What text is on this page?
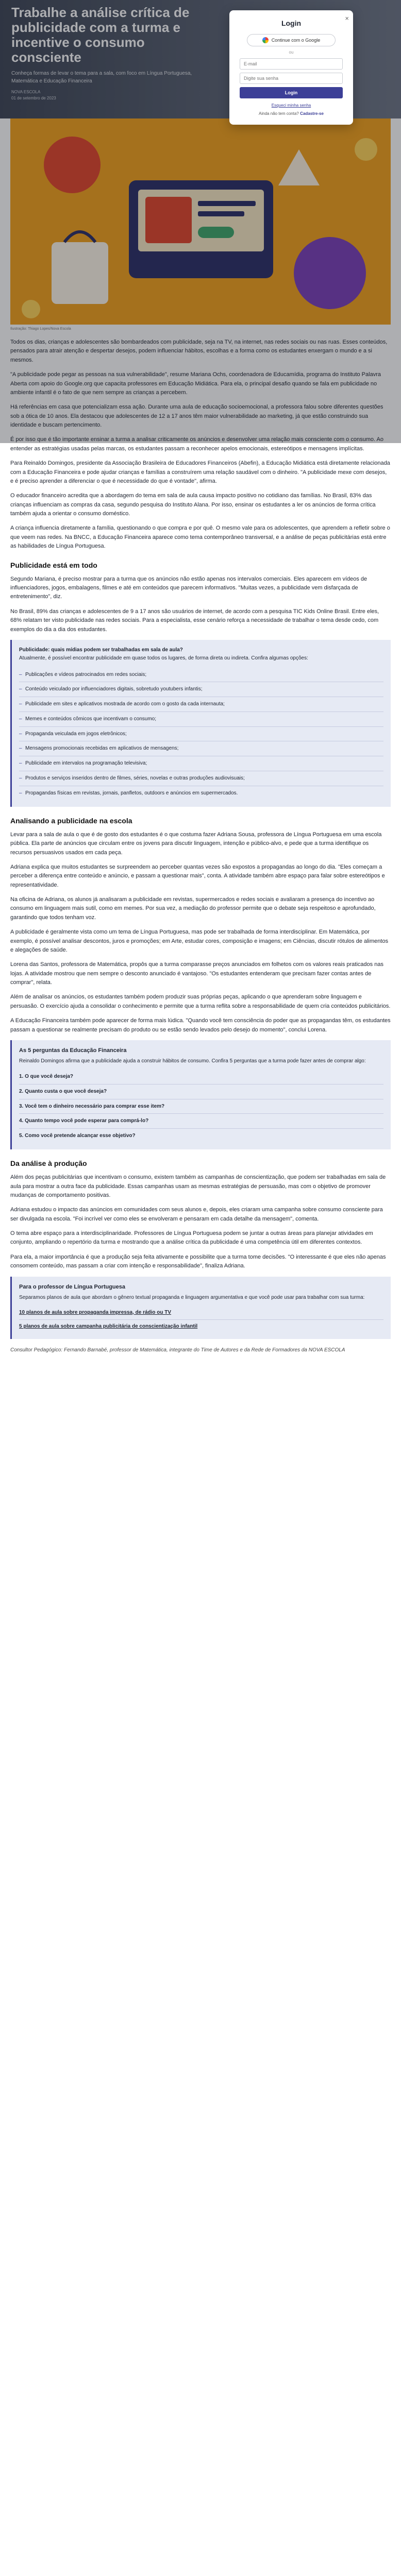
Trabalhe a análise crítica de publicidade com a turma e incentive o consumo consciente

Conheça formas de levar o tema para a sala, com foco em Língua Portuguesa, Matemática e Educação Financeira

NOVA ESCOLA
01 de setembro de 2023
Ilustração: Thiago Lopes/Nova Escola

Todos os dias, crianças e adolescentes são bombardeados com publicidade, seja na TV, na internet, nas redes sociais ou nas ruas. Esses conteúdos, pensados para atrair atenção e despertar desejos, podem influenciar hábitos, escolhas e a forma como os estudantes enxergam o mundo e a si mesmos.

"A publicidade pode pegar as pessoas na sua vulnerabilidade", resume Mariana Ochs, coordenadora de Educamídia, programa do Instituto Palavra Aberta com apoio do Google.org que capacita professores em Educação Midiática. Para ela, o principal desafio quando se fala em publicidade no ambiente infantil é o fato de que nem sempre as crianças a percebem.

Há referências em casa que potencializam essa ação. Durante uma aula de educação socioemocional, a professora falou sobre diferentes questões sob a ótica de 10 anos. Ela destacou que adolescentes de 12 a 17 anos têm maior vulnerabilidade ao marketing, já que estão construindo sua identidade e buscam pertencimento.

É por isso que é tão importante ensinar a turma a analisar criticamente os anúncios e desenvolver uma relação mais consciente com o consumo. Ao entender as estratégias usadas pelas marcas, os estudantes passam a reconhecer apelos emocionais, estereótipos e mensagens implícitas.

Para Reinaldo Domingos, presidente da Associação Brasileira de Educadores Financeiros (Abefin), a Educação Midiática está diretamente relacionada com a Educação Financeira e pode ajudar crianças e famílias a construírem uma relação saudável com o dinheiro. "A publicidade mexe com desejos, e é preciso aprender a diferenciar o que é necessidade do que é vontade", afirma.

O educador financeiro acredita que a abordagem do tema em sala de aula causa impacto positivo no cotidiano das famílias. No Brasil, 83% das crianças influenciam as compras da casa, segundo pesquisa do Instituto Alana. Por isso, ensinar os estudantes a ler os anúncios de forma crítica também ajuda a orientar o consumo doméstico.

A criança influencia diretamente a família, questionando o que compra e por quê. O mesmo vale para os adolescentes, que aprendem a refletir sobre o que veem nas redes. Na BNCC, a Educação Financeira aparece como tema contemporâneo transversal, e a análise de peças publicitárias está entre as habilidades de Língua Portuguesa.

Publicidade está em todo

Segundo Mariana, é preciso mostrar para a turma que os anúncios não estão apenas nos intervalos comerciais. Eles aparecem em vídeos de influenciadores, jogos, embalagens, filmes e até em conteúdos que parecem informativos. "Muitas vezes, a publicidade vem disfarçada de entretenimento", diz.

No Brasil, 89% das crianças e adolescentes de 9 a 17 anos são usuários de internet, de acordo com a pesquisa TIC Kids Online Brasil. Entre eles, 68% relatam ter visto publicidade nas redes sociais. Para a especialista, esse cenário reforça a necessidade de trabalhar o tema desde cedo, com exemplos do dia a dia dos estudantes.

Publicidade: quais mídias podem ser trabalhadas em sala de aula?
Atualmente, é possível encontrar publicidade em quase todos os lugares, de forma direta ou indireta. Confira algumas opções:
– Publicações e vídeos patrocinados em redes sociais;
– Conteúdo veiculado por influenciadores digitais, sobretudo youtubers infantis;
– Publicidade em sites e aplicativos mostrada de acordo com o gosto da cada internauta;
– Memes e conteúdos cômicos que incentivam o consumo;
– Propaganda veiculada em jogos eletrônicos;
– Mensagens promocionais recebidas em aplicativos de mensagens;
– Publicidade em intervalos na programação televisiva;
– Produtos e serviços inseridos dentro de filmes, séries, novelas e outras produções audiovisuais;
– Propagandas físicas em revistas, jornais, panfletos, outdoors e anúncios em supermercados.
Analisando a publicidade na escola

Levar para a sala de aula o que é de gosto dos estudantes é o que costuma fazer Adriana Sousa, professora de Língua Portuguesa em uma escola pública. Ela parte de anúncios que circulam entre os jovens para discutir linguagem, intenção e público-alvo, e pede que a turma identifique os recursos persuasivos usados em cada peça.

Adriana explica que muitos estudantes se surpreendem ao perceber quantas vezes são expostos a propagandas ao longo do dia. "Eles começam a perceber a diferença entre conteúdo e anúncio, e passam a questionar mais", conta. A atividade também abre espaço para falar sobre estereótipos e representatividade.

Na oficina de Adriana, os alunos já analisaram a publicidade em revistas, supermercados e redes sociais e avaliaram a presença do incentivo ao consumo em linguagem mais sutil, como em memes. Por sua vez, a mediação do professor permite que o debate seja respeitoso e aprofundado, garantindo que todos tenham voz.

A publicidade é geralmente vista como um tema de Língua Portuguesa, mas pode ser trabalhada de forma interdisciplinar. Em Matemática, por exemplo, é possível analisar descontos, juros e promoções; em Arte, estudar cores, composição e imagens; em Ciências, discutir rótulos de alimentos e alegações de saúde.

Lorena das Santos, professora de Matemática, propôs que a turma comparasse preços anunciados em folhetos com os valores reais praticados nas lojas. A atividade mostrou que nem sempre o desconto anunciado é vantajoso. "Os estudantes entenderam que precisam fazer contas antes de comprar", relata.

Além de analisar os anúncios, os estudantes também podem produzir suas próprias peças, aplicando o que aprenderam sobre linguagem e persuasão. O exercício ajuda a consolidar o conhecimento e permite que a turma reflita sobre a responsabilidade de quem cria conteúdos publicitários.

A Educação Financeira também pode aparecer de forma mais lúdica. "Quando você tem consciência do poder que as propagandas têm, os estudantes passam a questionar se realmente precisam do produto ou se estão sendo levados pelo desejo do momento", conclui Lorena.

As 5 perguntas da Educação Financeira
Reinaldo Domingos afirma que a publicidade ajuda a construir hábitos de consumo. Confira 5 perguntas que a turma pode fazer antes de comprar algo:
1. O que você deseja?
2. Quanto custa o que você deseja?
3. Você tem o dinheiro necessário para comprar esse item?
4. Quanto tempo você pode esperar para comprá-lo?
5. Como você pretende alcançar esse objetivo?
Da análise à produção

Além dos peças publicitárias que incentivam o consumo, existem também as campanhas de conscientização, que podem ser trabalhadas em sala de aula para mostrar a outra face da publicidade. Essas campanhas usam as mesmas estratégias de persuasão, mas com o objetivo de promover mudanças de comportamento positivas.

Adriana estudou o impacto das anúncios em comunidades com seus alunos e, depois, eles criaram uma campanha sobre consumo consciente para ser divulgada na escola. "Foi incrível ver como eles se envolveram e pensaram em cada detalhe da mensagem", comenta.

O tema abre espaço para a interdisciplinaridade. Professores de Língua Portuguesa podem se juntar a outras áreas para planejar atividades em conjunto, ampliando o repertório da turma e mostrando que a análise crítica da publicidade é uma competência útil em diferentes contextos.

Para ela, a maior importância é que a produção seja feita ativamente e possibilite que a turma tome decisões. "O interessante é que eles não apenas consomem conteúdo, mas passam a criar com intenção e responsabilidade", finaliza Adriana.

Para o professor de Língua Portuguesa
Separamos planos de aula que abordam o gênero textual propaganda e linguagem argumentativa e que você pode usar para trabalhar com sua turma:
10 planos de aula sobre propaganda impressa, de rádio ou TV
5 planos de aula sobre campanha publicitária de conscientização infantil

Consultor Pedagógico: Fernando Barnabé, professor de Matemática, integrante do Time de Autores e da Rede de Formadores da NOVA ESCOLA

×
Login
Continue com o Google
ou
E-mail
Login
Esqueci minha senha
Ainda não tem conta? Cadastre-se
